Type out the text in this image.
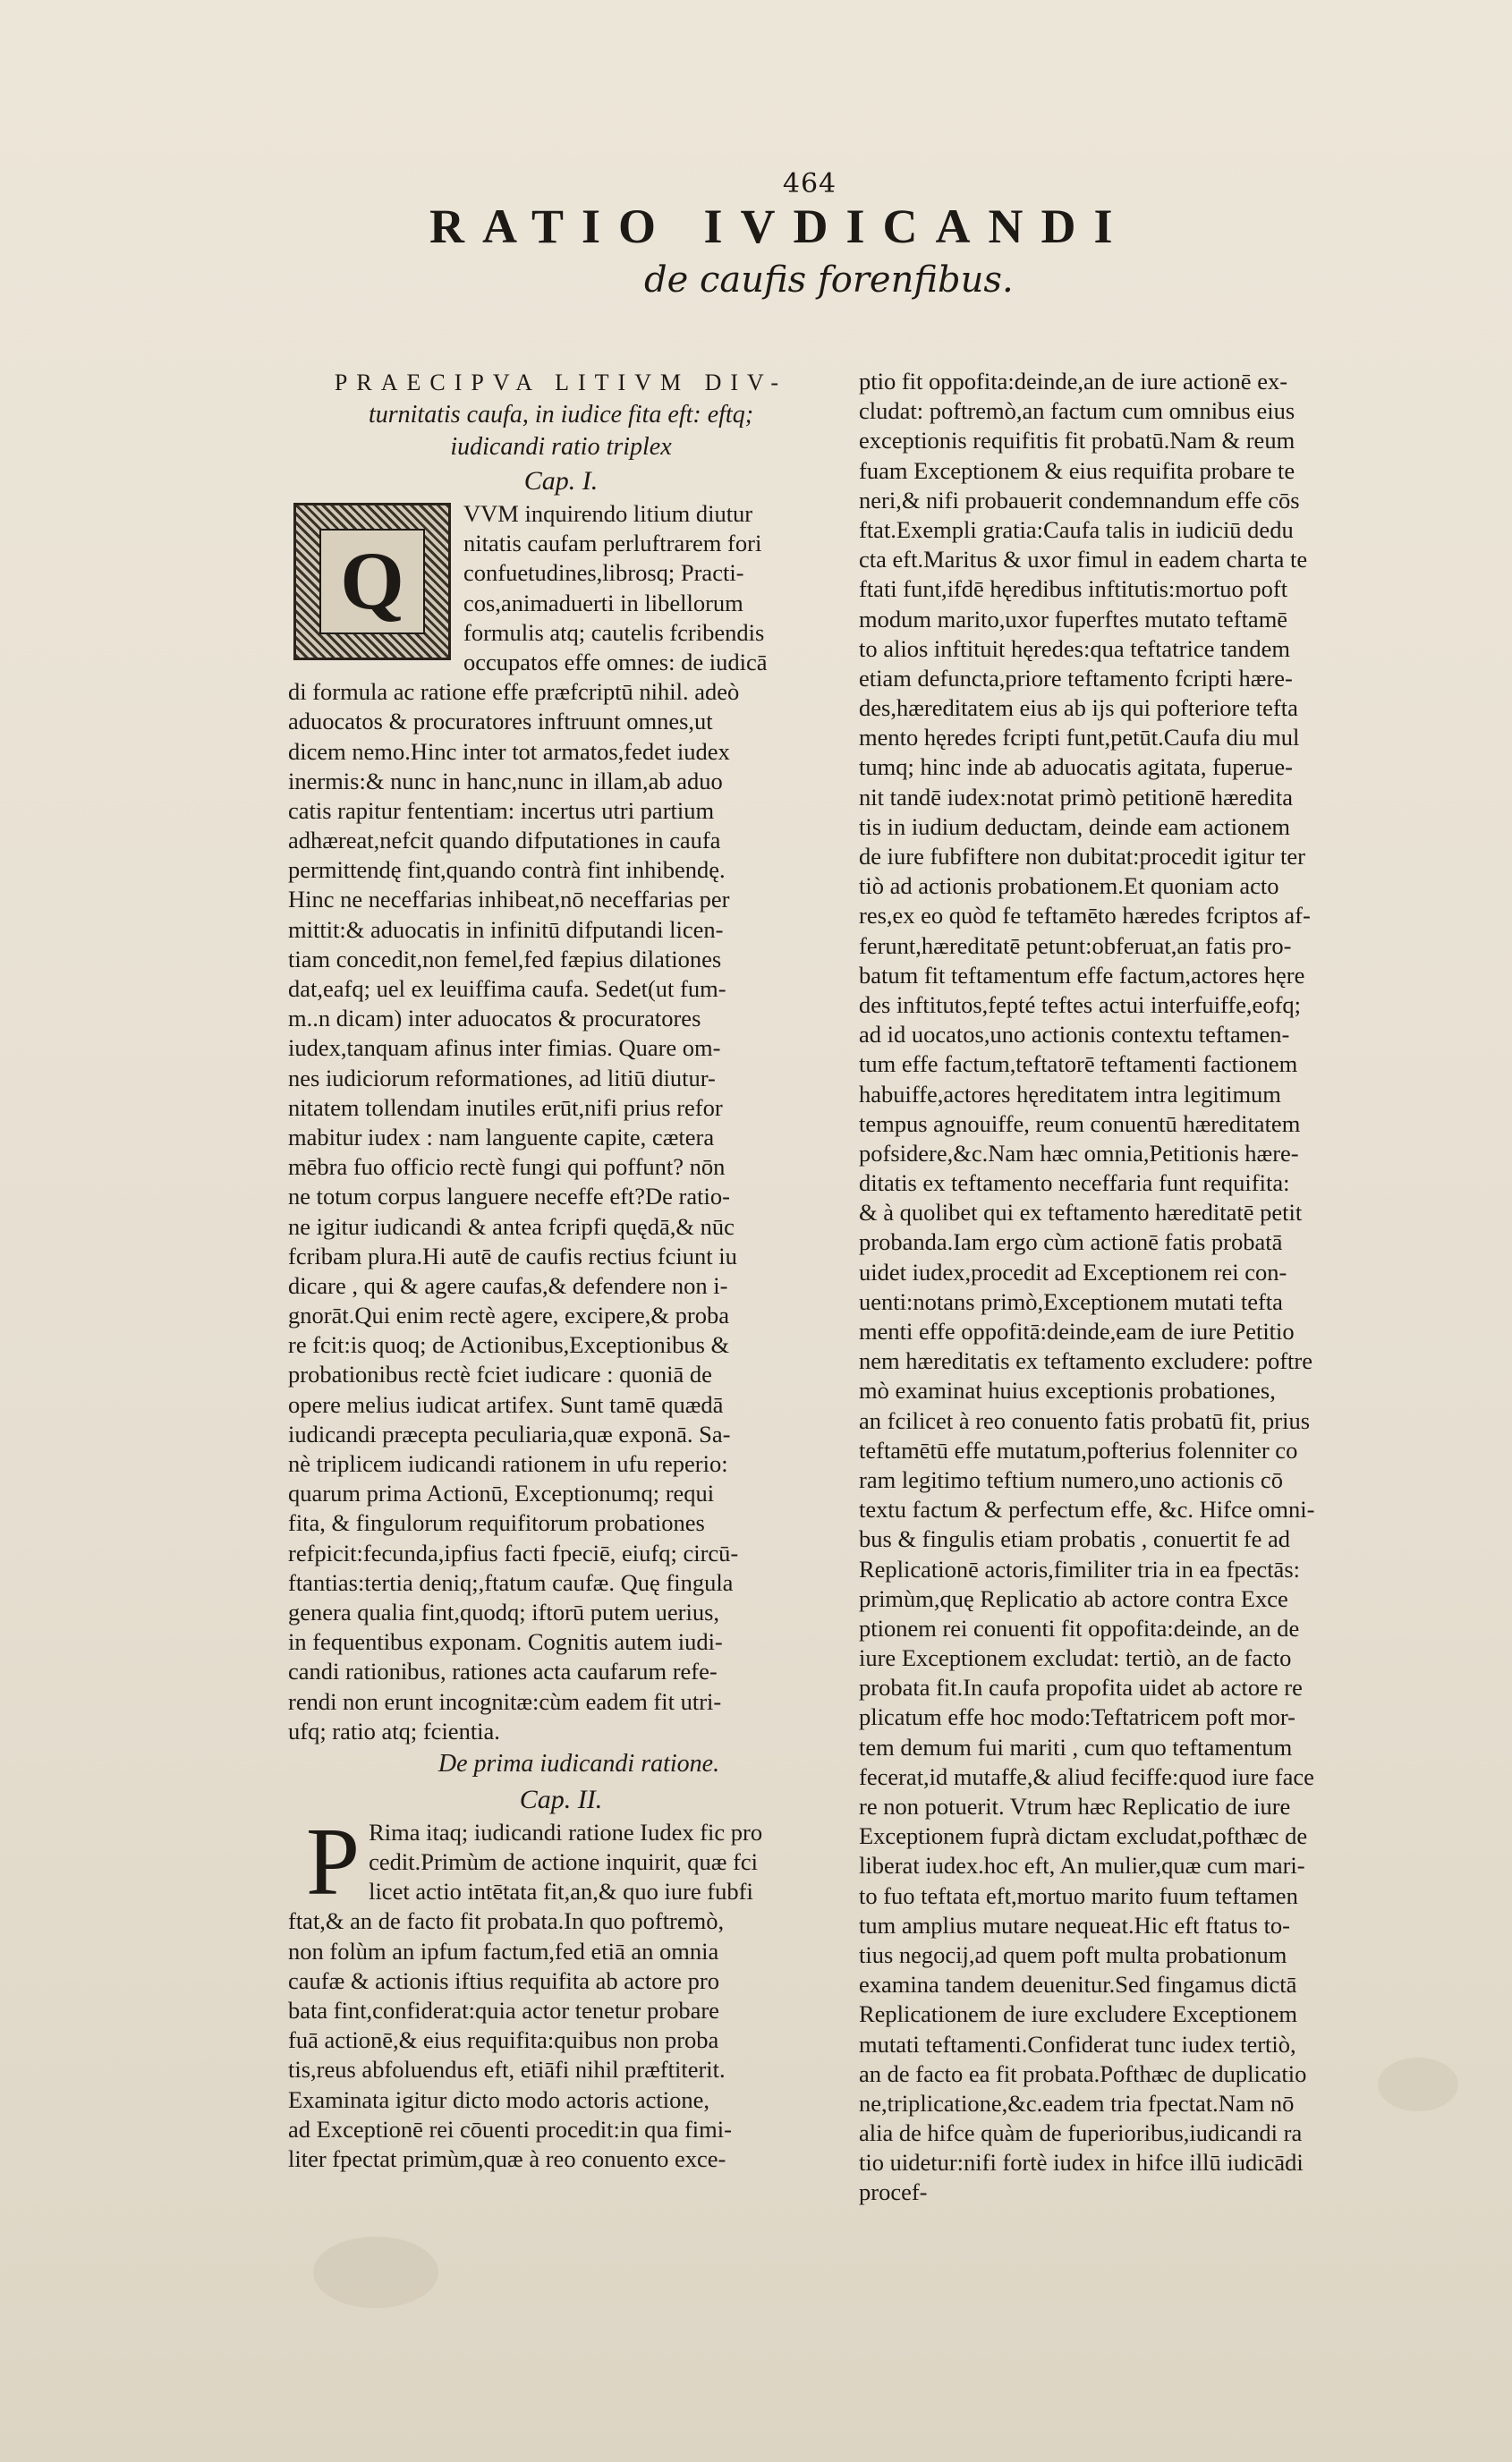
464
RATIO IVDICANDI
de caufis forenfibus.
PRAECIPVA LITIVM DIV-
turnitatis caufa, in iudice fita eft: eftq;
iudicandi ratio triplex
Cap. I.
Q
VVM inquirendo litium diutur
nitatis caufam perluftrarem fori
confuetudines,librosq; Practi-
cos,animaduerti in libellorum
formulis atq; cautelis fcribendis
occupatos effe omnes: de iudicā
di formula ac ratione effe præfcriptū nihil. adeò
aduocatos & procuratores inftruunt omnes,ut
dicem nemo.Hinc inter tot armatos,fedet iudex
inermis:& nunc in hanc,nunc in illam,ab aduo
catis rapitur fententiam: incertus utri partium
adhæreat,nefcit quando difputationes in caufa
permittendę fint,quando contrà fint inhibendę.
Hinc ne neceffarias inhibeat,nō neceffarias per
mittit:& aduocatis in infinitū difputandi licen-
tiam concedit,non femel,fed fæpius dilationes
dat,eafq; uel ex leuiffima caufa. Sedet(ut fum-
m..n dicam) inter aduocatos & procuratores
iudex,tanquam afinus inter fimias. Quare om-
nes iudiciorum reformationes, ad litiū diutur-
nitatem tollendam inutiles erūt,nifi prius refor
mabitur iudex : nam languente capite, cætera
mēbra fuo officio rectè fungi qui poffunt? nōn
ne totum corpus languere neceffe eft?De ratio-
ne igitur iudicandi & antea fcripfi quędā,& nūc
fcribam plura.Hi autē de caufis rectius fciunt iu
dicare , qui & agere caufas,& defendere non i-
gnorāt.Qui enim rectè agere, excipere,& proba
re fcit:is quoq; de Actionibus,Exceptionibus &
probationibus rectè fciet iudicare : quoniā de
opere melius iudicat artifex. Sunt tamē quædā
iudicandi præcepta peculiaria,quæ exponā. Sa-
nè triplicem iudicandi rationem in ufu reperio:
quarum prima Actionū, Exceptionumq; requi
fita, & fingulorum requifitorum probationes
refpicit:fecunda,ipfius facti fpeciē, eiufq; circū-
ftantias:tertia deniq;,ftatum caufæ. Quę fingula
genera qualia fint,quodq; iftorū putem uerius,
in fequentibus exponam. Cognitis autem iudi-
candi rationibus, rationes acta caufarum refe-
rendi non erunt incognitæ:cùm eadem fit utri-
ufq; ratio atq; fcientia.
De prima iudicandi ratione.
Cap. II.
P Rima itaq; iudicandi ratione Iudex fic pro
cedit.Primùm de actione inquirit, quæ fci
licet actio intētata fit,an,& quo iure fubfi
ftat,& an de facto fit probata.In quo poftremò,
non folùm an ipfum factum,fed etiā an omnia
caufæ & actionis iftius requifita ab actore pro
bata fint,confiderat:quia actor tenetur probare
fuā actionē,& eius requifita:quibus non proba
tis,reus abfoluendus eft, etiāfi nihil præftiterit.
Examinata igitur dicto modo actoris actione,
ad Exceptionē rei cōuenti procedit:in qua fimi-
liter fpectat primùm,quæ à reo conuento exce-
ptio fit oppofita:deinde,an de iure actionē ex-
cludat: poftremò,an factum cum omnibus eius
exceptionis requifitis fit probatū.Nam & reum
fuam Exceptionem & eius requifita probare te
neri,& nifi probauerit condemnandum effe cōs
ftat.Exempli gratia:Caufa talis in iudiciū dedu
cta eft.Maritus & uxor fimul in eadem charta te
ftati funt,ifdē hęredibus inftitutis:mortuo poft
modum marito,uxor fuperftes mutato teftamē
to alios inftituit hęredes:qua teftatrice tandem
etiam defuncta,priore teftamento fcripti hære-
des,hæreditatem eius ab ijs qui pofteriore tefta
mento hęredes fcripti funt,petūt.Caufa diu mul
tumq; hinc inde ab aduocatis agitata, fuperue-
nit tandē iudex:notat primò petitionē hæredita
tis in iudium deductam, deinde eam actionem
de iure fubfiftere non dubitat:procedit igitur ter
tiò ad actionis probationem.Et quoniam acto
res,ex eo quòd fe teftamēto hæredes fcriptos af-
ferunt,hæreditatē petunt:obferuat,an fatis pro-
batum fit teftamentum effe factum,actores hęre
des inftitutos,fepté teftes actui interfuiffe,eofq;
ad id uocatos,uno actionis contextu teftamen-
tum effe factum,teftatorē teftamenti factionem
habuiffe,actores hęreditatem intra legitimum
tempus agnouiffe, reum conuentū hæreditatem
pofsidere,&c.Nam hæc omnia,Petitionis hære-
ditatis ex teftamento neceffaria funt requifita:
& à quolibet qui ex teftamento hæreditatē petit
probanda.Iam ergo cùm actionē fatis probatā
uidet iudex,procedit ad Exceptionem rei con-
uenti:notans primò,Exceptionem mutati tefta
menti effe oppofitā:deinde,eam de iure Petitio
nem hæreditatis ex teftamento excludere: poftre
mò examinat huius exceptionis probationes,
an fcilicet à reo conuento fatis probatū fit, prius
teftamētū effe mutatum,pofterius folenniter co
ram legitimo teftium numero,uno actionis cō
textu factum & perfectum effe, &c. Hifce omni-
bus & fingulis etiam probatis , conuertit fe ad
Replicationē actoris,fimiliter tria in ea fpectās:
primùm,quę Replicatio ab actore contra Exce
ptionem rei conuenti fit oppofita:deinde, an de
iure Exceptionem excludat: tertiò, an de facto
probata fit.In caufa propofita uidet ab actore re
plicatum effe hoc modo:Teftatricem poft mor-
tem demum fui mariti , cum quo teftamentum
fecerat,id mutaffe,& aliud feciffe:quod iure face
re non potuerit. Vtrum hæc Replicatio de iure
Exceptionem fuprà dictam excludat,pofthæc de
liberat iudex.hoc eft, An mulier,quæ cum mari-
to fuo teftata eft,mortuo marito fuum teftamen
tum amplius mutare nequeat.Hic eft ftatus to-
tius negocij,ad quem poft multa probationum
examina tandem deuenitur.Sed fingamus dictā
Replicationem de iure excludere Exceptionem
mutati teftamenti.Confiderat tunc iudex tertiò,
an de facto ea fit probata.Pofthæc de duplicatio
ne,triplicatione,&c.eadem tria fpectat.Nam nō
alia de hifce quàm de fuperioribus,iudicandi ra
tio uidetur:nifi fortè iudex in hifce illū iudicādi
procef-
